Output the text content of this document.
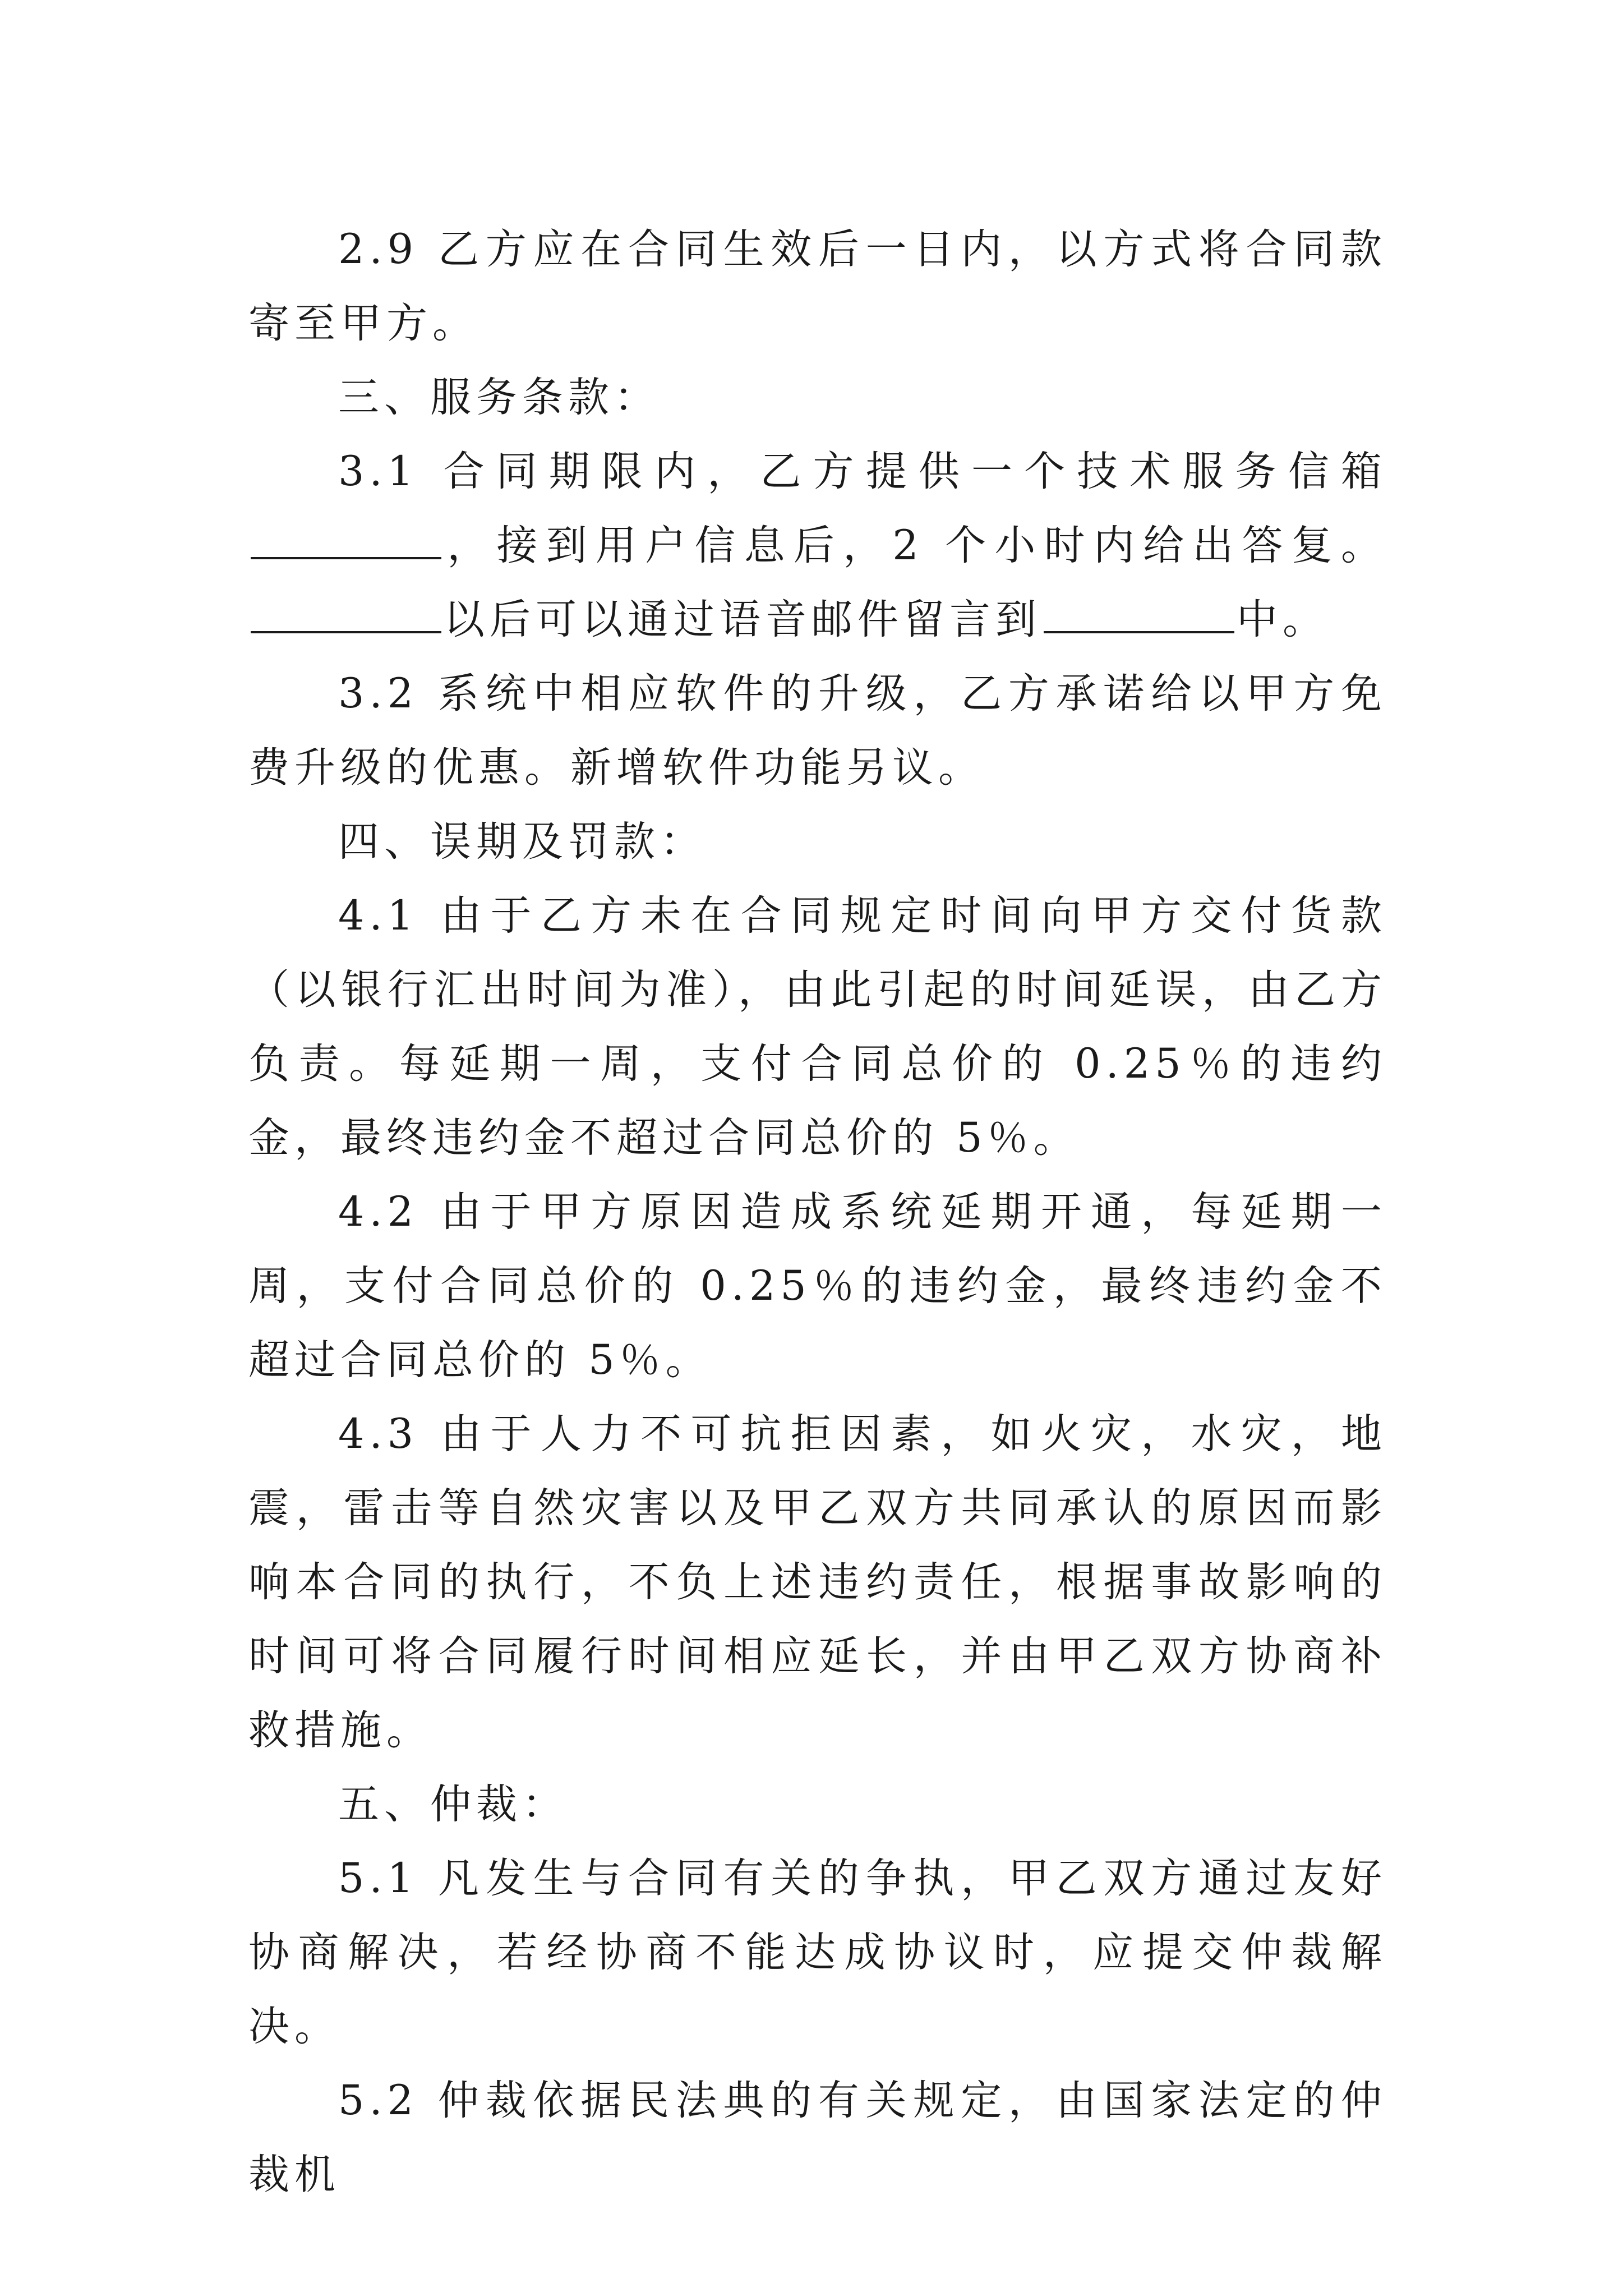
2.9 乙方应在合同生效后一日内，以方式将合同款寄至甲方。

三、服务条款：

3.1 合同期限内，乙方提供一个技术服务信箱，接到用户信息后，2 个小时内给出答复。以后可以通过语音邮件留言到	中。

3.2 系统中相应软件的升级，乙方承诺给以甲方免费升级的优惠。新增软件功能另议。

四、误期及罚款：

4.1 由于乙方未在合同规定时间向甲方交付货款（以银行汇出时间为准），由此引起的时间延误，由乙方负责。每延期一周，支付合同总价的 0.25％的违约金，最终违约金不超过合同总价的 5％。

4.2 由于甲方原因造成系统延期开通，每延期一周，支付合同总价的 0.25％的违约金，最终违约金不超过合同总价的 5％。

4.3 由于人力不可抗拒因素，如火灾，水灾，地震，雷击等自然灾害以及甲乙双方共同承认的原因而影响本合同的执行，不负上述违约责任，根据事故影响的时间可将合同履行时间相应延长，并由甲乙双方协商补救措施。

五、仲裁：

5.1 凡发生与合同有关的争执，甲乙双方通过友好协商解决，若经协商不能达成协议时，应提交仲裁解决。

5.2 仲裁依据民法典的有关规定，由国家法定的仲裁机
